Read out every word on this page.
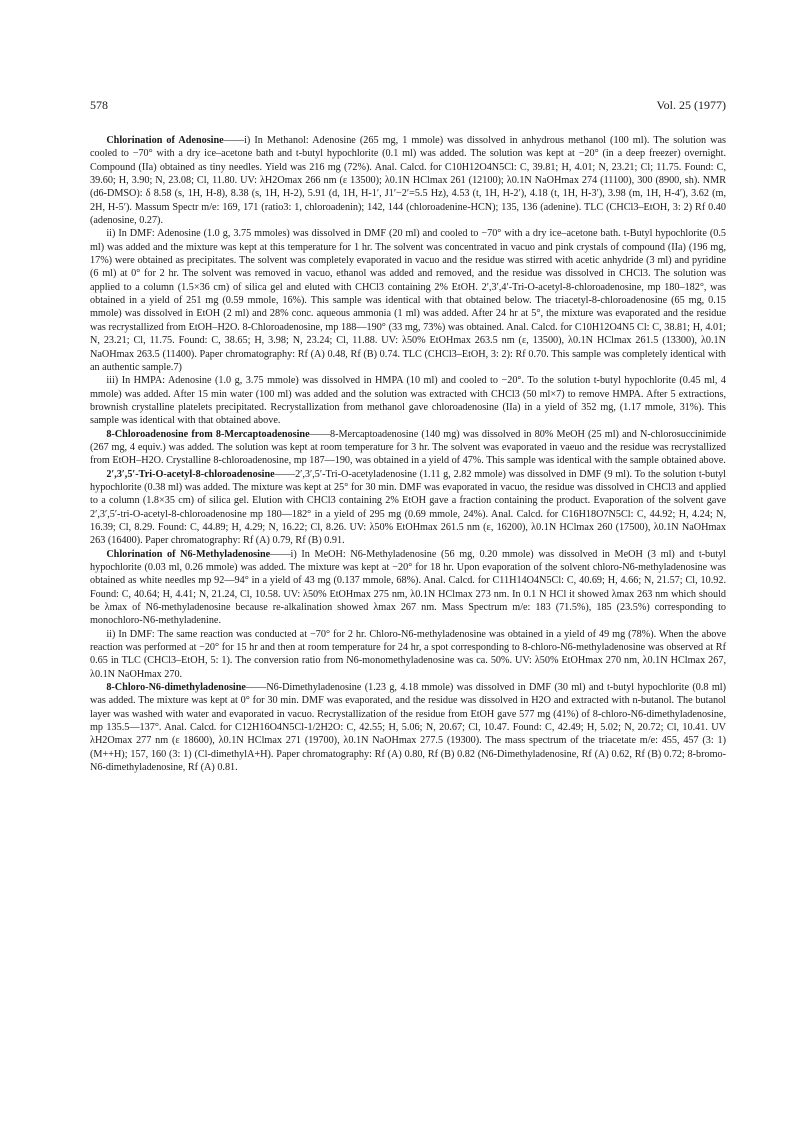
578	Vol. 25 (1977)

Chlorination of Adenosine——i) In Methanol: Adenosine (265 mg, 1 mmole) was dissolved in anhydrous methanol (100 ml). The solution was cooled to −70° with a dry ice–acetone bath and t-butyl hypochlorite (0.1 ml) was added. The solution was kept at −20° (in a deep freezer) overnight. Compound (IIa) obtained as tiny needles. Yield was 216 mg (72%). Anal. Calcd. for C10H12O4N5Cl: C, 39.81; H, 4.01; N, 23.21; Cl; 11.75. Found: C, 39.60; H, 3.90; N, 23.08; Cl, 11.80. UV: λH2Omax 266 nm (ε 13500); λ0.1N HClmax 261 (12100); λ0.1N NaOHmax 274 (11100), 300 (8900, sh). NMR (d6-DMSO): δ 8.58 (s, 1H, H-8), 8.38 (s, 1H, H-2), 5.91 (d, 1H, H-1′, J1′−2′=5.5 Hz), 4.53 (t, 1H, H-2′), 4.18 (t, 1H, H-3′), 3.98 (m, 1H, H-4′), 3.62 (m, 2H, H-5′). Massum Spectr m/e: 169, 171 (ratio3: 1, chloroadenin); 142, 144 (chloroadenine-HCN); 135, 136 (adenine). TLC (CHCl3–EtOH, 3: 2) Rf 0.40 (adenosine, 0.27).

ii) In DMF: Adenosine (1.0 g, 3.75 mmoles) was dissolved in DMF (20 ml) and cooled to −70° with a dry ice–acetone bath. t-Butyl hypochlorite (0.5 ml) was added and the mixture was kept at this temperature for 1 hr. The solvent was concentrated in vacuo and pink crystals of compound (IIa) (196 mg, 17%) were obtained as precipitates. The solvent was completely evaporated in vacuo and the residue was stirred with acetic anhydride (3 ml) and pyridine (6 ml) at 0° for 2 hr. The solvent was removed in vacuo, ethanol was added and removed, and the residue was dissolved in CHCl3. The solution was applied to a column (1.5×36 cm) of silica gel and eluted with CHCl3 containing 2% EtOH. 2′,3′,4′-Tri-O-acetyl-8-chloroadenosine, mp 180–182°, was obtained in a yield of 251 mg (0.59 mmole, 16%). This sample was identical with that obtained below. The triacetyl-8-chloroadenosine (65 mg, 0.15 mmole) was dissolved in EtOH (2 ml) and 28% conc. aqueous ammonia (1 ml) was added. After 24 hr at 5°, the mixture was evaporated and the residue was recrystallized from EtOH–H2O. 8-Chloroadenosine, mp 188—190° (33 mg, 73%) was obtained. Anal. Calcd. for C10H12O4N5 Cl: C, 38.81; H, 4.01; N, 23.21; Cl, 11.75. Found: C, 38.65; H, 3.98; N, 23.24; Cl, 11.88. UV: λ50% EtOHmax 263.5 nm (ε, 13500), λ0.1N HClmax 261.5 (13300), λ0.1N NaOHmax 263.5 (11400). Paper chromatography: Rf (A) 0.48, Rf (B) 0.74. TLC (CHCl3–EtOH, 3: 2): Rf 0.70. This sample was completely identical with an authentic sample.7)

iii) In HMPA: Adenosine (1.0 g, 3.75 mmole) was dissolved in HMPA (10 ml) and cooled to −20°. To the solution t-butyl hypochlorite (0.45 ml, 4 mmole) was added. After 15 min water (100 ml) was added and the solution was extracted with CHCl3 (50 ml×7) to remove HMPA. After 5 extractions, brownish crystalline platelets precipitated. Recrystallization from methanol gave chloroadenosine (IIa) in a yield of 352 mg, (1.17 mmole, 31%). This sample was identical with that obtained above.

8-Chloroadenosine from 8-Mercaptoadenosine——8-Mercaptoadenosine (140 mg) was dissolved in 80% MeOH (25 ml) and N-chlorosuccinimide (267 mg, 4 equiv.) was added. The solution was kept at room temperature for 3 hr. The solvent was evaporated in vaeuo and the residue was recrystallized from EtOH–H2O. Crystalline 8-chloroadenosine, mp 187—190, was obtained in a yield of 47%. This sample was identical with the sample obtained above.

2′,3′,5′-Tri-O-acetyl-8-chloroadenosine——2′,3′,5′-Tri-O-acetyladenosine (1.11 g, 2.82 mmole) was dissolved in DMF (9 ml). To the solution t-butyl hypochlorite (0.38 ml) was added. The mixture was kept at 25° for 30 min. DMF was evaporated in vacuo, the residue was dissolved in CHCl3 and applied to a column (1.8×35 cm) of silica gel. Elution with CHCl3 containing 2% EtOH gave a fraction containing the product. Evaporation of the solvent gave 2′,3′,5′-tri-O-acetyl-8-chloroadenosine mp 180—182° in a yield of 295 mg (0.69 mmole, 24%). Anal. Calcd. for C16H18O7N5Cl: C, 44.92; H, 4.24; N, 16.39; Cl, 8.29. Found: C, 44.89; H, 4.29; N, 16.22; Cl, 8.26. UV: λ50% EtOHmax 261.5 nm (ε, 16200), λ0.1N HClmax 260 (17500), λ0.1N NaOHmax 263 (16400). Paper chromatography: Rf (A) 0.79, Rf (B) 0.91.

Chlorination of N6-Methyladenosine——i) In MeOH: N6-Methyladenosine (56 mg, 0.20 mmole) was dissolved in MeOH (3 ml) and t-butyl hypochlorite (0.03 ml, 0.26 mmole) was added. The mixture was kept at −20° for 18 hr. Upon evaporation of the solvent chloro-N6-methyladenosine was obtained as white needles mp 92—94° in a yield of 43 mg (0.137 mmole, 68%). Anal. Calcd. for C11H14O4N5Cl: C, 40.69; H, 4.66; N, 21.57; Cl, 10.92. Found: C, 40.64; H, 4.41; N, 21.24, Cl, 10.58. UV: λ50% EtOHmax 275 nm, λ0.1N HClmax 273 nm. In 0.1 N HCl it showed λmax 263 nm which should be λmax of N6-methyladenosine because re-alkalination showed λmax 267 nm. Mass Spectrum m/e: 183 (71.5%), 185 (23.5%) corresponding to monochloro-N6-methyladenine.

ii) In DMF: The same reaction was conducted at −70° for 2 hr. Chloro-N6-methyladenosine was obtained in a yield of 49 mg (78%). When the above reaction was performed at −20° for 15 hr and then at room temperature for 24 hr, a spot corresponding to 8-chloro-N6-methyladenosine was observed at Rf 0.65 in TLC (CHCl3–EtOH, 5: 1). The conversion ratio from N6-monomethyladenosine was ca. 50%. UV: λ50% EtOHmax 270 nm, λ0.1N HClmax 267, λ0.1N NaOHmax 270.

8-Chloro-N6-dimethyladenosine——N6-Dimethyladenosine (1.23 g, 4.18 mmole) was dissolved in DMF (30 ml) and t-butyl hypochlorite (0.8 ml) was added. The mixture was kept at 0° for 30 min. DMF was evaporated, and the residue was dissolved in H2O and extracted with n-butanol. The butanol layer was washed with water and evaporated in vacuo. Recrystallization of the residue from EtOH gave 577 mg (41%) of 8-chloro-N6-dimethyladenosine, mp 135.5—137°. Anal. Calcd. for C12H16O4N5Cl-1/2H2O: C, 42.55; H, 5.06; N, 20.67; Cl, 10.47. Found: C, 42.49; H, 5.02; N, 20.72; Cl, 10.41. UV λH2Omax 277 nm (ε 18600), λ0.1N HClmax 271 (19700), λ0.1N NaOHmax 277.5 (19300). The mass spectrum of the triacetate m/e: 455, 457 (3: 1) (M++H); 157, 160 (3: 1) (Cl-dimethylA+H). Paper chromatography: Rf (A) 0.80, Rf (B) 0.82 (N6-Dimethyladenosine, Rf (A) 0.62, Rf (B) 0.72; 8-bromo-N6-dimethyladenosine, Rf (A) 0.81.
